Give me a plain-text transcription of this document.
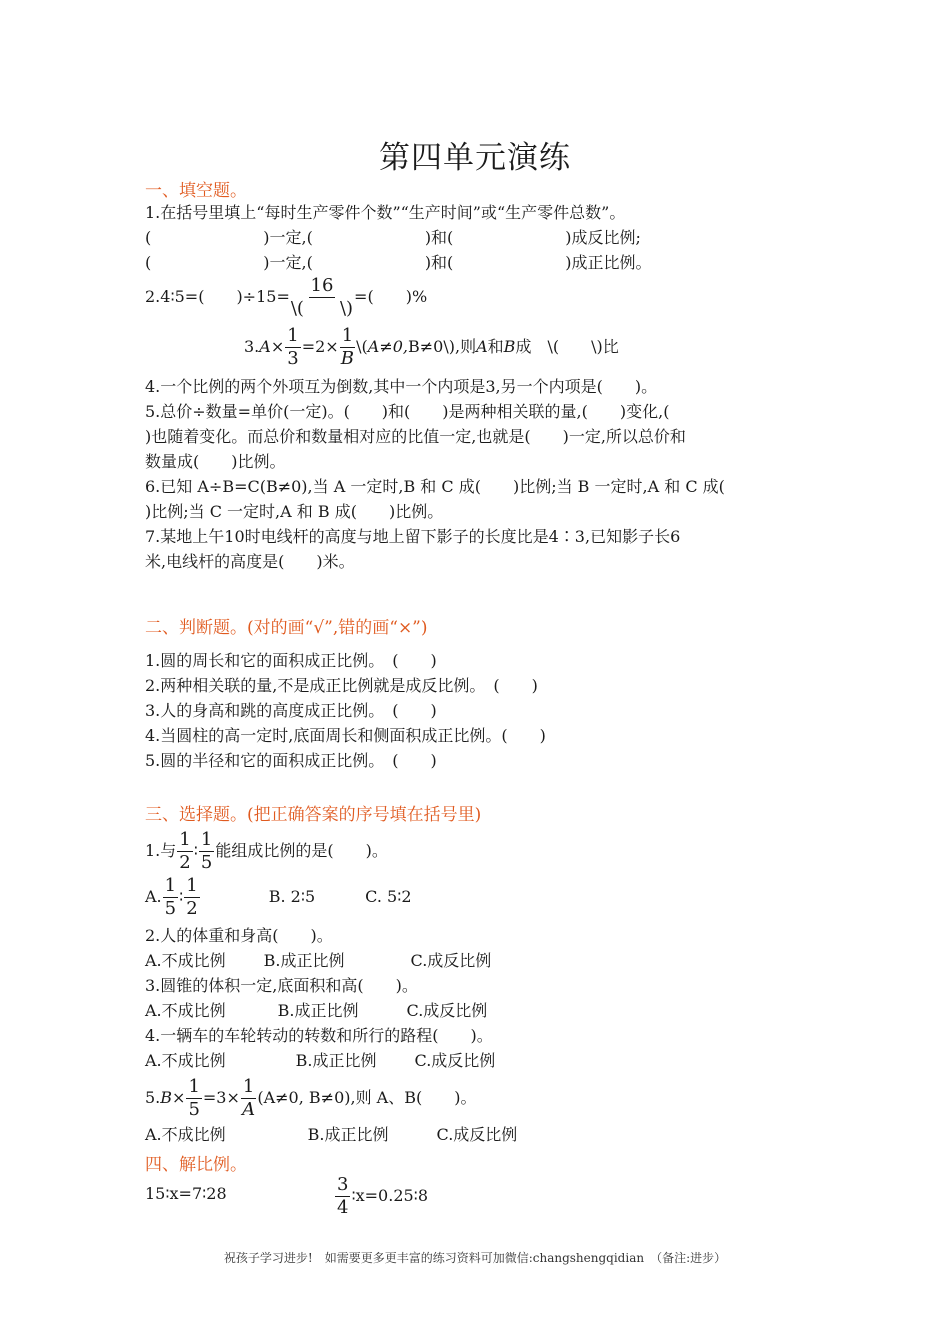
第四单元演练
一、填空题。
1.在括号里填上“每时生产零件个数”“生产时间”或“生产零件总数”。
(　　　　　　　)一定,(　　　　　　　)和(　　　　　　　)成反比例;
(　　　　　　　)一定,(　　　　　　　)和(　　　　　　　)成正比例。
2.4∶5=(　　)$\div 15= \frac{16}{\backslash( \backslash)}$ =(　　)%
$3.A\times \frac{1}{3} =2\times \frac{1}{B}$ \(A≠0,B≠0\),则A和B成　\(　　\)比
4.一个比例的两个外项互为倒数,其中一个内项是3,另一个内项是(　　)。
5.总价÷数量=单价(一定)。(　　)和(　　)是两种相关联的量,(　　)变化,(
)也随着变化。而总价和数量相对应的比值一定,也就是(　　)一定,所以总价和
数量成(　　)比例。
6.已知 A÷B=C(B≠0),当 A 一定时,B 和 C 成(　　)比例;当 B 一定时,A 和 C 成(
)比例;当 C 一定时,A 和 B 成(　　)比例。
7.某地上午10时电线杆的高度与地上留下影子的长度比是4∶3,已知影子长6
米,电线杆的高度是(　　)米。
二、判断题。(对的画“√”,错的画“×”)
1.圆的周长和它的面积成正比例。　(　　)
2.两种相关联的量,不是成正比例就是成反比例。　(　　)
3.人的身高和跳的高度成正比例。　(　　)
4.当圆柱的高一定时,底面周长和侧面积成正比例。(　　)
5.圆的半径和它的面积成正比例。　(　　)
三、选择题。(把正确答案的序号填在括号里)
1.与 $\frac{1}{2}$ ∶ $\frac{1}{5}$ 能组成比例的是(　　)。
A. $\frac{1}{5}$ ∶ $\frac{1}{2}$	B. 2∶5	C. 5∶2
2.人的体重和身高(　　)。
A.不成比例 B.成正比例	C.成反比例
3.圆锥的体积一定,底面积和高(　　)。
A.不成比例	B.成正比例	C.成反比例
4.一辆车的车轮转动的转数和所行的路程(　　)。
A.不成比例	B.成正比例 C.成反比例
$5.B\times \frac{1}{5} =3\times \frac{1}{A} (A\ne 0$, B≠0),则 A、B(　　)。
A.不成比例	B.成正比例	C.成反比例
四、解比例。
15∶x=7∶28	$\frac{3}{4}$ ∶x=0.25∶8
祝孩子学习进步!　如需要更多更丰富的练习资料可加微信:changshengqidian　（备注:进步）
